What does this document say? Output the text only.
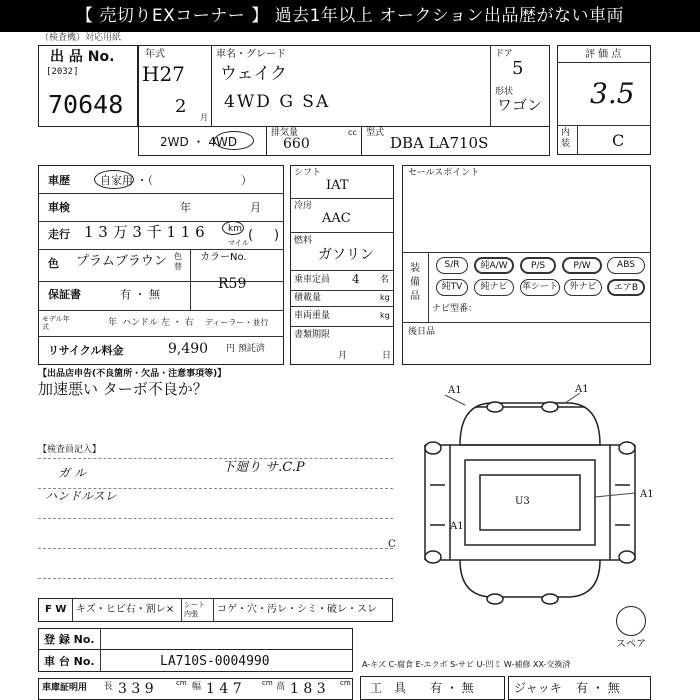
【 売切りEXコーナー 】 過去1年以上 オークション出品歴がない車両
（検査機）対応用紙
出 品 No.
[2032]
70648
年式
H27
2
月
車名・グレード
ウェイク
4WD G SA
ドア
5
形状
ワゴン
評 価 点
3.5
内装	C
2WD ・ 4WD
排気量
660
cc 型式
DBA LA710S
車歴	自家用 ・（　　　　　　　　）
車検	年	月
走行 1 3 万 3 千 1 1 6	km
マイル ( )
色 プラムブラウン 色替
カラーNo.
R59
保証書	有 ・ 無
モデル年式	年 ハンドル 左 ・ 右 ディーラー・並行
リサイクル料金	9,490 円 預託済
シフト
IAT
冷房
AAC
燃料
ガソリン
乗車定員 4 名
積載量	kg
車両重量	kg
書類期限
月	日
セールスポイント
装備品
S/R	純A/W	P/S	P/W	ABS
純TV	純ナビ	革シート	外ナビ	エアB
ナビ型番：
後日品
【出品店申告(不良箇所・欠品・注意事項等)】
加速悪い ターボ不良か？
【検査員記入】
ガ ル
ハンドルスレ
下廻り サ.C.P
A1	A1
A1
A1
C
U3
スペア
F W キズ・ヒビ右・割レ× シート内張	コゲ・穴・汚レ・シミ・破レ・スレ
登 録 No.
車 台 No.	LA710S-0004990	A-キズ C-腐食 E-エクボ S-サビ U-凹ミ W-補修 XX-交換済
車庫証明用 長 3 3 9	cm 幅 1 4 7	cm 高 1 8 3 cm 工　具 有 ・ 無	ジャッキ 有 ・ 無
